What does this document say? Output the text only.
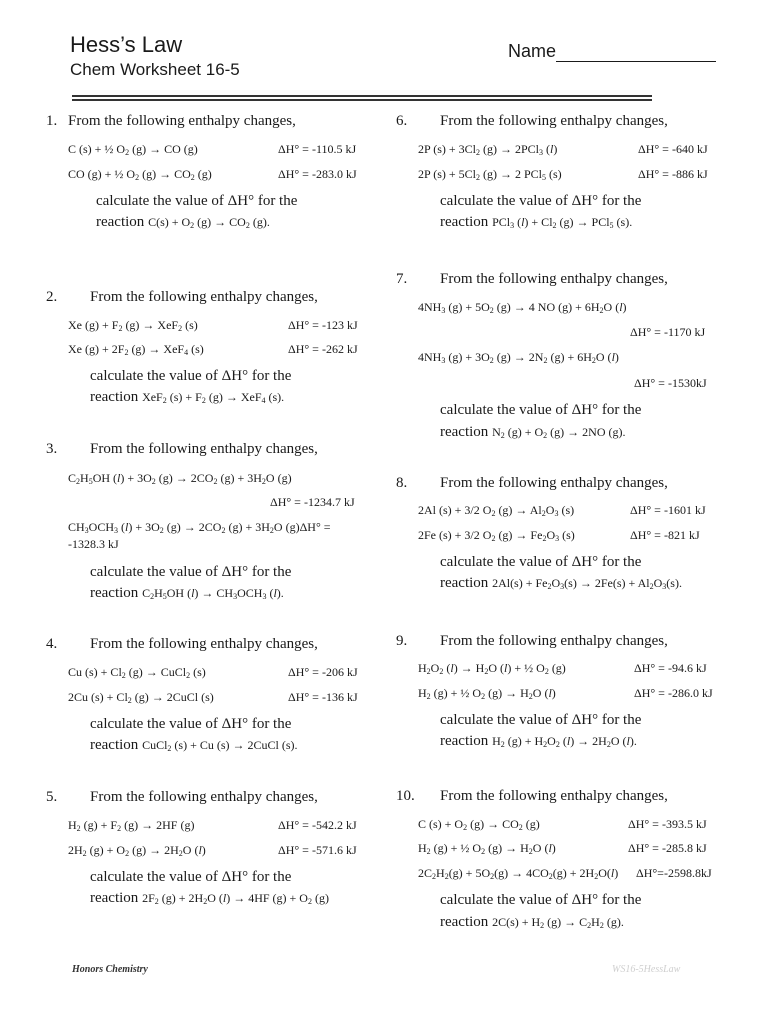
Hess’s Law
Chem Worksheet 16-5
Name
1. From the following enthalpy changes,
C (s) + ½ $O_2$ (g) → CO (g)	ΔH° = -110.5 kJ
CO (g) + ½ $O_2$ $(g) \to CO_2$ (g)	ΔH° = -283.0 kJ
calculate the value of ΔH° for the
reaction $C(s) + O_2$ $(g) \to CO_2$ (g).
2. From the following enthalpy changes,
Xe $(g) + F_2$ (g) → XeF$_2$ (s)	ΔH° = -123 kJ
Xe $(g) + 2F_2$ (g) → XeF$_4$ (s)	ΔH° = -262 kJ
calculate the value of ΔH° for the
reaction XeF$_2$ $(s) + F_2$ (g) → XeF$_4$ (s).
3. From the following enthalpy changes,
$C_2H_5OH$ $(l) + 3O_2$ $(g) \to 2CO_2$ $(g) + 3H_2O$ (g)
ΔH° = -1234.7 kJ
$CH_3OCH_3$ $(l) + 3O_2$ $(g) \to 2CO_2$ $(g) + 3H_2O$ (g)ΔH° =
-1328.3 kJ
calculate the value of ΔH° for the
reaction $C_2H_5OH$ $(l) \to CH_3OCH_3$ (l).
4. From the following enthalpy changes,
Cu $(s) + Cl_2$ (g) → CuCl$_2$ (s)	ΔH° = -206 kJ
2Cu $(s) + Cl_2$ (g) → 2CuCl (s)	ΔH° = -136 kJ
calculate the value of ΔH° for the
reaction CuCl$_2$ (s) + Cu (s) → 2CuCl (s).
5. From the following enthalpy changes,
$H_2$ $(g) + F_2$ (g) → 2HF (g)	ΔH° = -542.2 kJ
$2H_2$ $(g) + O_2$ $(g) \to 2H_2O$ (l)	ΔH° = -571.6 kJ
calculate the value of ΔH° for the
reaction $2F_2$ $(g) + 2H_2O$ (l) → 4HF $(g) + O_2$ (g)
6. From the following enthalpy changes,
2P $(s) + 3Cl_2$ (g) → 2PCl$_3$ (l)	ΔH° = -640 kJ
2P $(s) + 5Cl_2$ (g) → 2 PCl$_5$ (s)	ΔH° = -886 kJ
calculate the value of ΔH° for the
reaction PCl$_3$ $(l) + Cl_2$ (g) → PCl$_5$ (s).
7. From the following enthalpy changes,
$4NH_3$ $(g) + 5O_2$ (g) → 4 NO $(g) + 6H_2O$ (l)
ΔH° = -1170 kJ
$4NH_3$ $(g) + 3O_2$ $(g) \to 2N_2$ $(g) + 6H_2O$ (l)
ΔH° = -1530kJ
calculate the value of ΔH° for the
reaction $N_2$ $(g) + O_2$ (g) → 2NO (g).
8. From the following enthalpy changes,
2Al (s) + 3/2 $O_2$ $(g) \to Al_2O_3$ (s)	ΔH° = -1601 kJ
2Fe (s) + 3/2 $O_2$ $(g) \to Fe_2O_3$ (s)	ΔH° = -821 kJ
calculate the value of ΔH° for the
reaction $2Al(s) + Fe_2O_3(s) \to 2Fe(s) + Al_2O_3(s)$.
9. From the following enthalpy changes,
$H_2O_2$ $(l) \to H_2O$ (l) + ½ $O_2$ (g)	ΔH° = -94.6 kJ
$H_2$ (g) + ½ $O_2$ $(g) \to H_2O$ (l)	ΔH° = -286.0 kJ
calculate the value of ΔH° for the
reaction $H_2$ $(g) + H_2O_2$ $(l) \to 2H_2O$ (l).
10. From the following enthalpy changes,
C $(s) + O_2$ $(g) \to CO_2$ (g)	ΔH° = -393.5 kJ
$H_2$ (g) + ½ $O_2$ $(g) \to H_2O$ (l)	ΔH° = -285.8 kJ
$2C_2H_2(g) + 5O_2(g) \to 4CO_2(g) + 2H_2O(l)$ ΔH°=-2598.8kJ
calculate the value of ΔH° for the
reaction $2C(s) + H_2$ $(g) \to C_2H_2$ (g).
Honors Chemistry	WS16-5HessLaw
